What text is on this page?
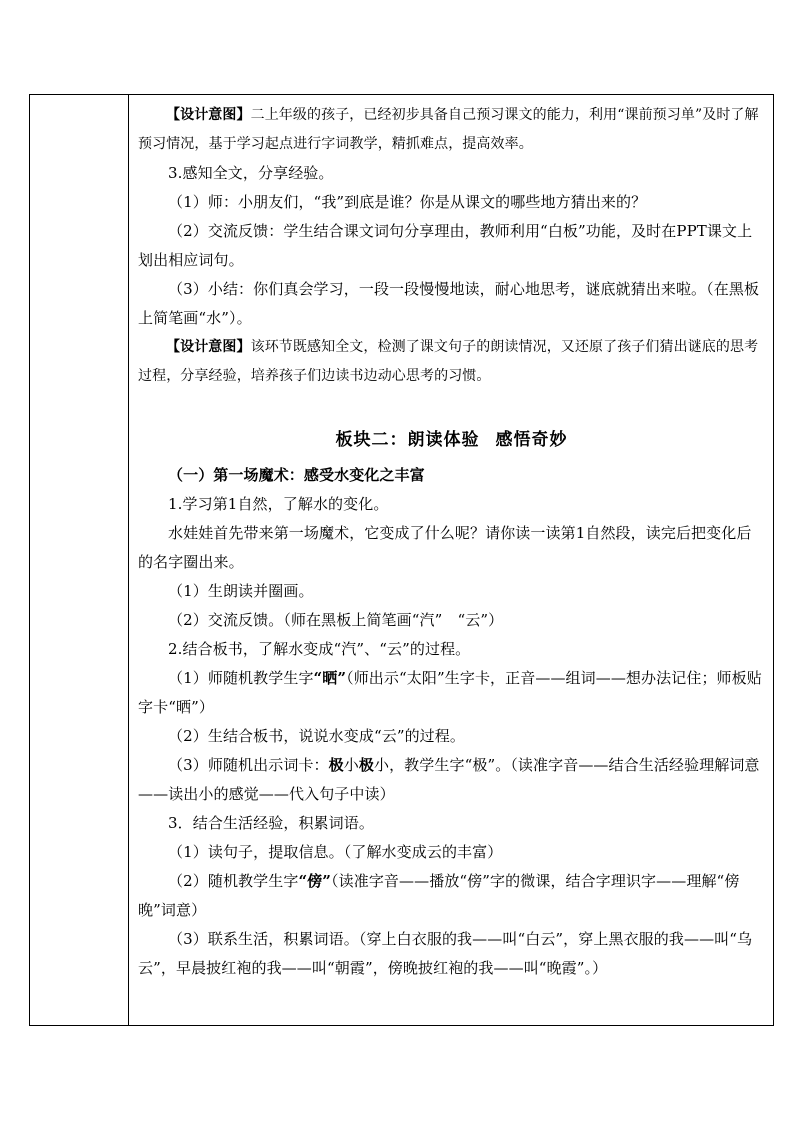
【设计意图】二上年级的孩子，已经初步具备自己预习课文的能力，利用“课前预习单”及时了解预习情况，基于学习起点进行字词教学，精抓难点，提高效率。

3.感知全文，分享经验。

（1）师：小朋友们，“我”到底是谁？你是从课文的哪些地方猜出来的？

（2）交流反馈：学生结合课文词句分享理由，教师利用“白板”功能，及时在PPT课文上划出相应词句。

（3）小结：你们真会学习，一段一段慢慢地读，耐心地思考，谜底就猜出来啦。（在黑板上简笔画“水”）。

【设计意图】该环节既感知全文，检测了课文句子的朗读情况，又还原了孩子们猜出谜底的思考过程，分享经验，培养孩子们边读书边动心思考的习惯。

板块二：朗读体验 感悟奇妙

（一）第一场魔术：感受水变化之丰富

1.学习第1自然，了解水的变化。

水娃娃首先带来第一场魔术，它变成了什么呢？请你读一读第1自然段，读完后把变化后的名字圈出来。

（1）生朗读并圈画。

（2）交流反馈。（师在黑板上简笔画“汽”　“云”）

2.结合板书，了解水变成“汽”、“云”的过程。

（1）师随机教学生字“晒”（师出示“太阳”生字卡，正音——组词——想办法记住；师板贴字卡“晒”）

（2）生结合板书，说说水变成“云”的过程。

（3）师随机出示词卡：极小极小，教学生字“极”。（读准字音——结合生活经验理解词意——读出小的感觉——代入句子中读）

3．结合生活经验，积累词语。

（1）读句子，提取信息。（了解水变成云的丰富）

（2）随机教学生字“傍”（读准字音——播放“傍”字的微课，结合字理识字——理解“傍晚”词意）

（3）联系生活，积累词语。（穿上白衣服的我——叫“白云”，穿上黑衣服的我——叫“乌云”，早晨披红袍的我——叫“朝霞”，傍晚披红袍的我——叫“晚霞”。）
